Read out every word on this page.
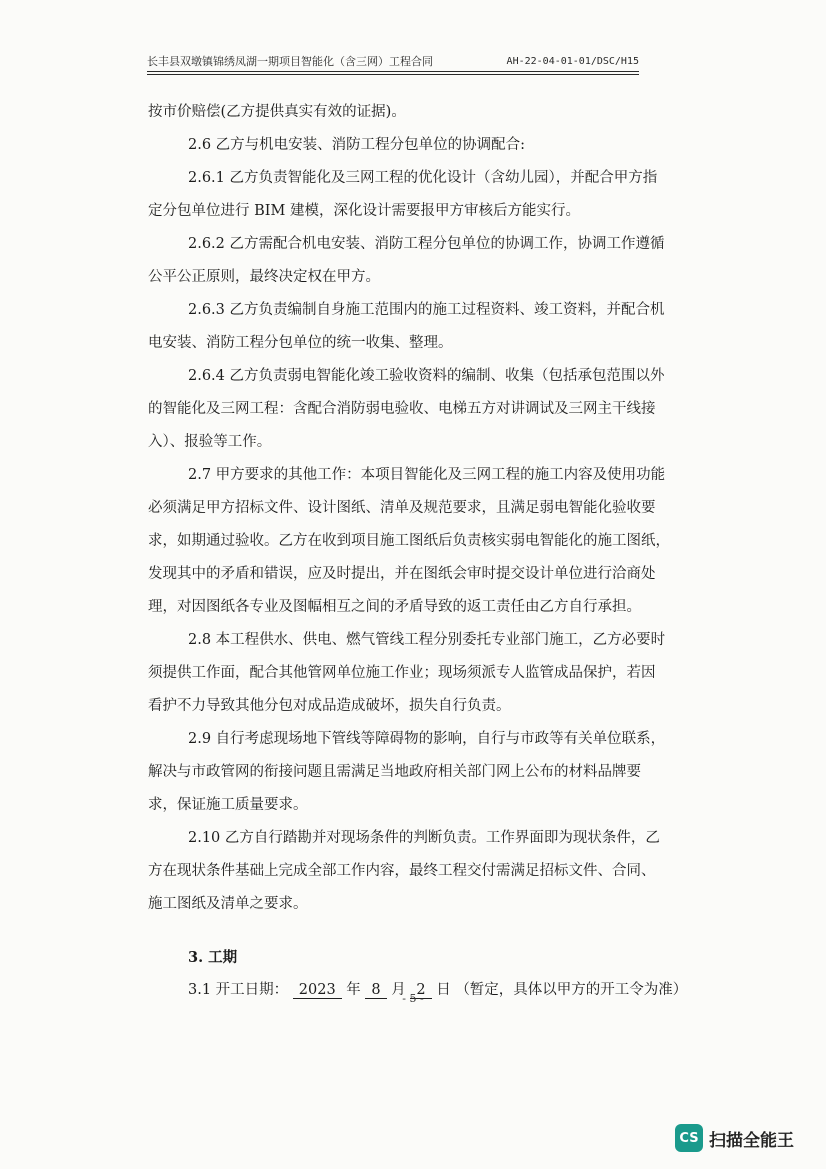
长丰县双墩镇锦绣凤湖一期项目智能化（含三网）工程合同	AH-22-04-01-01/DSC/H15
按市价赔偿(乙方提供真实有效的证据)。
2.6 乙方与机电安装、消防工程分包单位的协调配合:
2.6.1 乙方负责智能化及三网工程的优化设计（含幼儿园），并配合甲方指
定分包单位进行 BIM 建模，深化设计需要报甲方审核后方能实行。
2.6.2 乙方需配合机电安装、消防工程分包单位的协调工作，协调工作遵循
公平公正原则，最终决定权在甲方。
2.6.3 乙方负责编制自身施工范围内的施工过程资料、竣工资料，并配合机
电安装、消防工程分包单位的统一收集、整理。
2.6.4 乙方负责弱电智能化竣工验收资料的编制、收集（包括承包范围以外
的智能化及三网工程：含配合消防弱电验收、电梯五方对讲调试及三网主干线接
入）、报验等工作。
2.7 甲方要求的其他工作：本项目智能化及三网工程的施工内容及使用功能
必须满足甲方招标文件、设计图纸、清单及规范要求，且满足弱电智能化验收要
求，如期通过验收。乙方在收到项目施工图纸后负责核实弱电智能化的施工图纸，
发现其中的矛盾和错误，应及时提出，并在图纸会审时提交设计单位进行洽商处
理，对因图纸各专业及图幅相互之间的矛盾导致的返工责任由乙方自行承担。
2.8 本工程供水、供电、燃气管线工程分别委托专业部门施工，乙方必要时
须提供工作面，配合其他管网单位施工作业；现场须派专人监管成品保护，若因
看护不力导致其他分包对成品造成破坏，损失自行负责。
2.9 自行考虑现场地下管线等障碍物的影响，自行与市政等有关单位联系，
解决与市政管网的衔接问题且需满足当地政府相关部门网上公布的材料品牌要
求，保证施工质量要求。
2.10 乙方自行踏勘并对现场条件的判断负责。工作界面即为现状条件，乙
方在现状条件基础上完成全部工作内容，最终工程交付需满足招标文件、合同、
施工图纸及清单之要求。
3. 工期
3.1 开工日期： 2023 年 8 月 2 日 （暂定，具体以甲方的开工令为准）
- 5 -
CS 扫描全能王
